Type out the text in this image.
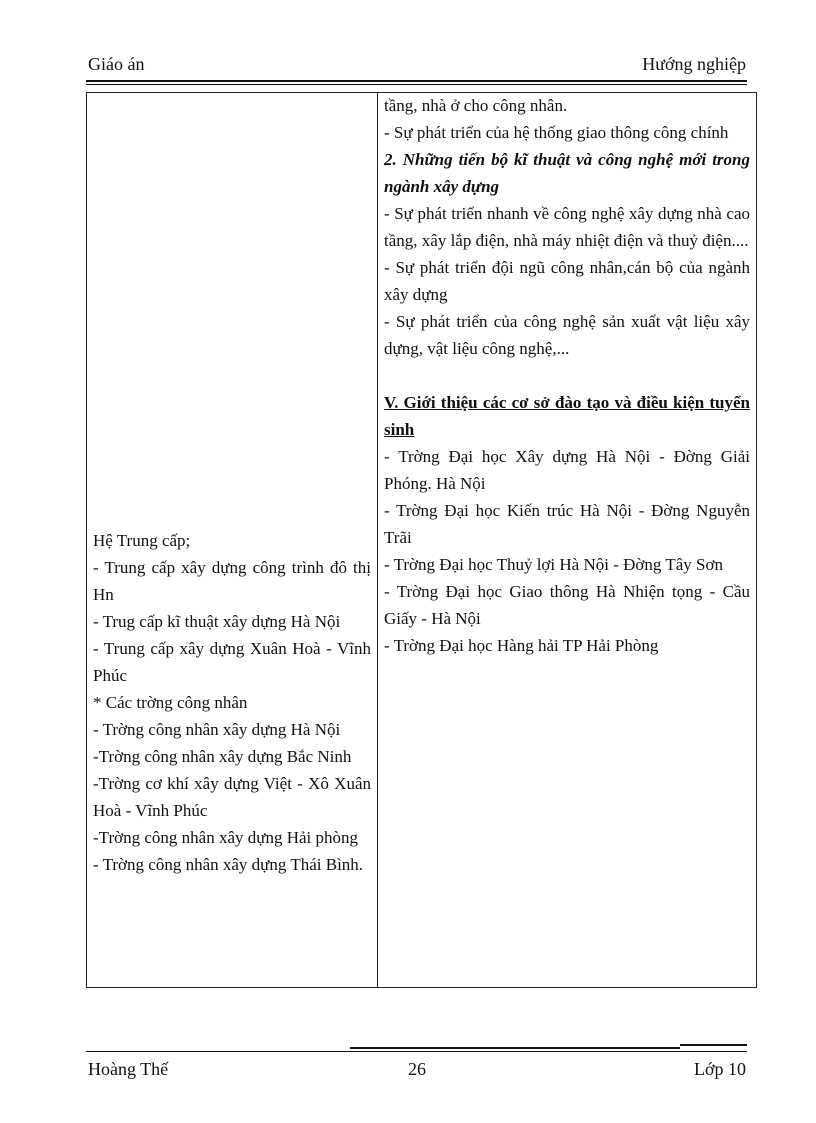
Giáo án	Hướng nghiệp

Hệ Trung cấp;

- Trung cấp xây dựng công trình đô thị Hn

- Trug cấp kĩ thuật xây dựng Hà Nội

- Trung cấp xây dựng Xuân Hoà - Vĩnh Phúc

* Các trờng công nhân

- Trờng công nhân xây dựng Hà Nội

-Trờng công nhân xây dựng Bắc Ninh

-Trờng cơ khí xây dựng Việt - Xô Xuân Hoà - Vĩnh Phúc

-Trờng công nhân xây dựng Hải phòng

- Trờng công nhân xây dựng Thái Bình.

tầng, nhà ở cho công nhân.

- Sự phát triển của hệ thống giao thông công chính

2. Những tiến bộ kĩ thuật và công nghệ mới trong ngành xây dựng

- Sự phát triển nhanh về công nghệ xây dựng nhà cao tầng, xây lắp điện, nhà máy nhiệt điện và thuỷ điện....

- Sự phát triển đội ngũ công nhân,cán bộ của ngành xây dựng

- Sự phát triển của công nghệ sản xuất vật liệu xây dựng, vật liệu công nghệ,...

V. Giới thiệu các cơ sở đào tạo và điều kiện tuyển sinh

- Trờng Đại học Xây dựng Hà Nội - Đờng Giải Phóng. Hà Nội

- Trờng Đại học Kiến trúc Hà Nội - Đờng Nguyễn Trãi

- Trờng Đại học Thuỷ lợi Hà Nội - Đờng Tây Sơn

- Trờng Đại học Giao thông Hà Nhiện tọng - Cầu Giấy - Hà Nội

- Trờng Đại học Hàng hải TP Hải Phòng

Hoàng Thế	26	Lớp 10
